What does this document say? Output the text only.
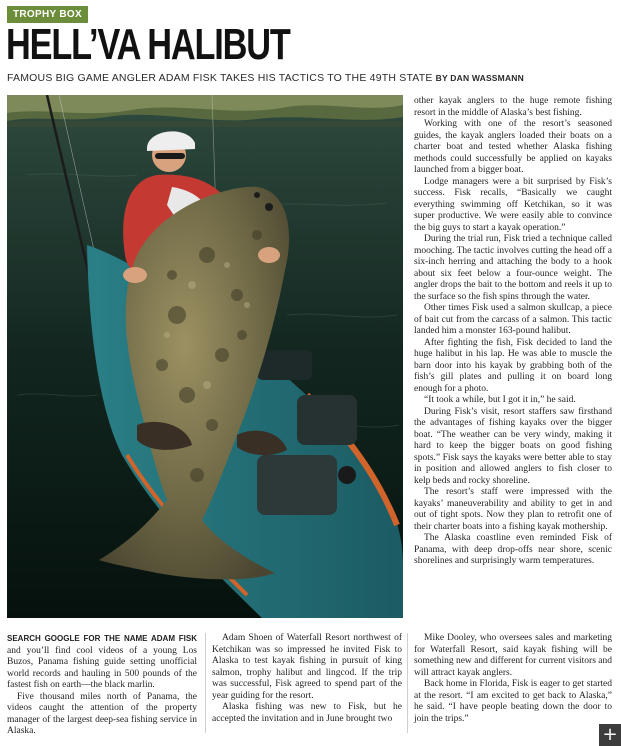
TROPHY BOX
HELL’VA HALIBUT
FAMOUS BIG GAME ANGLER ADAM FISK TAKES HIS TACTICS TO THE 49TH STATE BY DAN WASSMANN

other kayak anglers to the huge remote fishing resort in the middle of Alaska’s best fishing.

Working with one of the resort’s seasoned guides, the kayak anglers loaded their boats on a charter boat and tested whether Alaska fishing methods could successfully be applied on kayaks launched from a bigger boat.

Lodge managers were a bit surprised by Fisk’s success. Fisk recalls, “Basically we caught everything swimming off Ketchikan, so it was super productive. We were easily able to convince the big guys to start a kayak operation.”

During the trial run, Fisk tried a technique called mooching. The tactic involves cutting the head off a six-inch herring and attaching the body to a hook about six feet below a four-ounce weight. The angler drops the bait to the bottom and reels it up to the surface so the fish spins through the water.

Other times Fisk used a salmon skullcap, a piece of bait cut from the carcass of a salmon. This tactic landed him a monster 163-pound halibut.

After fighting the fish, Fisk decided to land the huge halibut in his lap. He was able to muscle the barn door into his kayak by grabbing both of the fish’s gill plates and pulling it on board long enough for a photo.

“It took a while, but I got it in,” he said.

During Fisk’s visit, resort staffers saw firsthand the advantages of fishing kayaks over the bigger boat. “The weather can be very windy, making it hard to keep the bigger boats on good fishing spots.” Fisk says the kayaks were better able to stay in position and allowed anglers to fish closer to kelp beds and rocky shoreline.

The resort’s staff were impressed with the kayaks’ maneuverability and ability to get in and out of tight spots. Now they plan to retrofit one of their charter boats into a fishing kayak mothership.

The Alaska coastline even reminded Fisk of Panama, with deep drop-offs near shore, scenic shorelines and surprisingly warm temperatures.

SEARCH GOOGLE FOR THE NAME ADAM FISK and you’ll find cool videos of a young Los Buzos, Panama fishing guide setting unofficial world records and hauling in 500 pounds of the fastest fish on earth—the black marlin.

Five thousand miles north of Panama, the videos caught the attention of the property manager of the largest deep-sea fishing service in Alaska.

Adam Shoen of Waterfall Resort northwest of Ketchikan was so impressed he invited Fisk to Alaska to test kayak fishing in pursuit of king salmon, trophy halibut and lingcod. If the trip was successful, Fisk agreed to spend part of the year guiding for the resort.

Alaska fishing was new to Fisk, but he accepted the invitation and in June brought two

Mike Dooley, who oversees sales and marketing for Waterfall Resort, said kayak fishing will be something new and different for current visitors and will attract kayak anglers.

Back home in Florida, Fisk is eager to get started at the resort. “I am excited to get back to Alaska,” he said. “I have people beating down the door to join the trips.”

+
